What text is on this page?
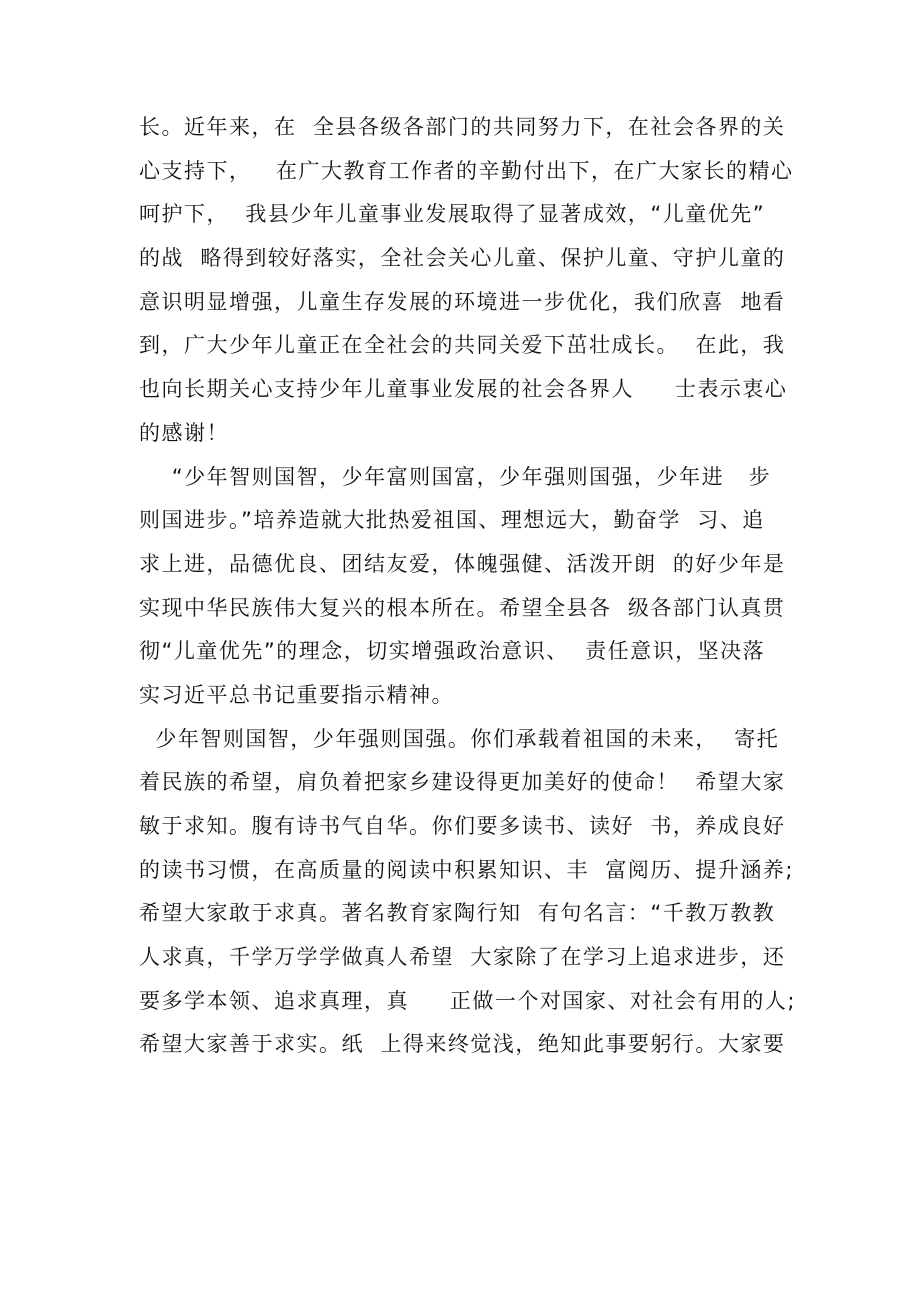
长。近年来，在  全县各级各部门的共同努力下，在社会各界的关
心支持下，   在广大教育工作者的辛勤付出下，在广大家长的精心
呵护下，  我县少年儿童事业发展取得了显著成效，“儿童优先”
的战  略得到较好落实，全社会关心儿童、保护儿童、守护儿童的
意识明显增强，儿童生存发展的环境进一步优化，我们欣喜  地看
到，广大少年儿童正在全社会的共同关爱下茁壮成长。  在此，我
也向长期关心支持少年儿童事业发展的社会各界人     士表示衷心
的感谢！
“少年智则国智，少年富则国富，少年强则国强，少年进   步
则国进步。”培养造就大批热爱祖国、理想远大，勤奋学  习、追
求上进，品德优良、团结友爱，体魄强健、活泼开朗  的好少年是
实现中华民族伟大复兴的根本所在。希望全县各  级各部门认真贯
彻“儿童优先”的理念，切实增强政治意识、  责任意识，坚决落
实习近平总书记重要指示精神。
少年智则国智，少年强则国强。你们承载着祖国的未来，  寄托
着民族的希望，肩负着把家乡建设得更加美好的使命！  希望大家
敏于求知。腹有诗书气自华。你们要多读书、读好  书，养成良好
的读书习惯，在高质量的阅读中积累知识、丰  富阅历、提升涵养;
希望大家敢于求真。著名教育家陶行知  有句名言：“千教万教教
人求真，千学万学学做真人希望  大家除了在学习上追求进步，还
要多学本领、追求真理，真     正做一个对国家、对社会有用的人;
希望大家善于求实。纸  上得来终觉浅，绝知此事要躬行。大家要
